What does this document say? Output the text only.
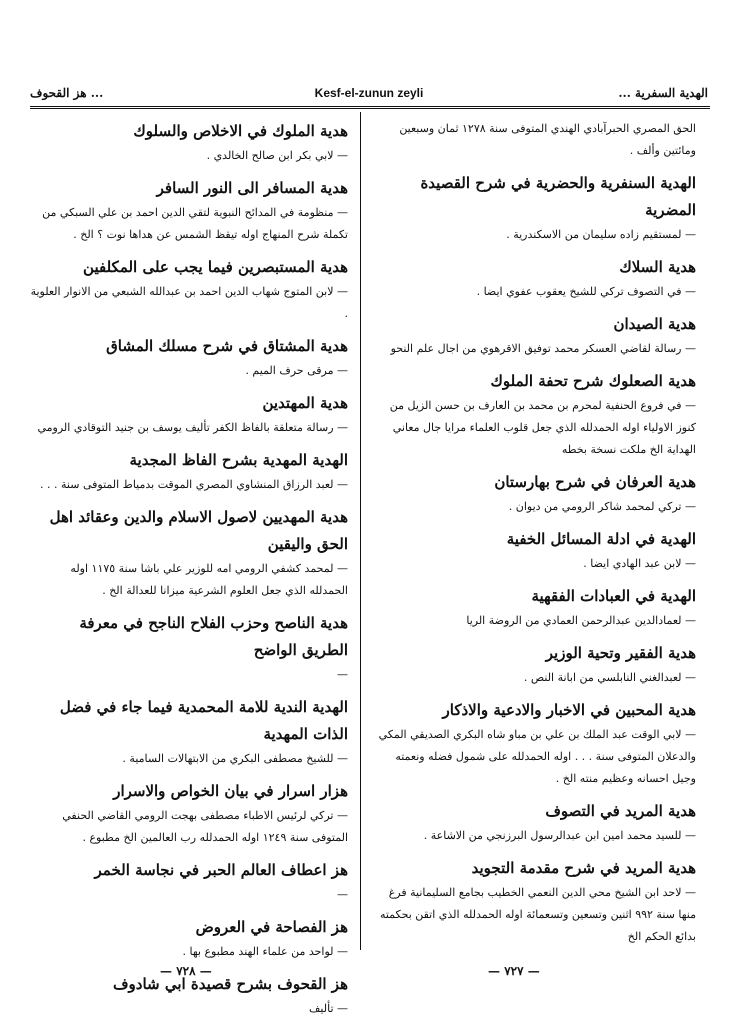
هز القحوف ...	Kesf-el-zunun zeyli	الهدية السفرية ...

الحق المصري الحبرآبادي الهندي المتوفى سنة ١٢٧٨ ثمان وسبعين ومائتين وألف .

الهدية السنفرية والحضرية في شرح القصيدة المضرية

— لمستقيم زاده سليمان من الاسكندرية .

هدية السلاك

— في التصوف تركي للشيخ يعقوب عفوي ايضا .

هدية الصيدان

— رسالة لقاضي العسكر محمد توفيق الاقرهوي من اجال علم النحو

هدية الصعلوك شرح تحفة الملوك

— في فروع الحنفية لمحرم بن محمد بن العارف بن حسن الزيل من كنوز الاولياء اوله الحمدلله الذي جعل قلوب العلماء مرايا جال معاني الهداية الخ ملكت نسخة بخطه

هدية العرفان في شرح بهارستان

— تركي لمحمد شاكر الرومي من ديوان .

الهدية في ادلة المسائل الخفية

— لابن عبد الهادي ايضا .

الهدية في العبادات الفقهية

— لعمادالدين عبدالرحمن العمادي من الروضة الريا

هدية الفقير وتحية الوزير

— لعبدالغني النابلسي من ابانة النص .

هدية المحبين في الاخبار والادعية والاذكار

— لابي الوقت عبد الملك بن علي بن مباو شاه البكري الصديقي المكي والدعلان المتوفى سنة . . . اوله الحمدلله على شمول فضله ونعمته وجيل احسانه وعظيم منته الخ .

هدية المريد في التصوف

— للسيد محمد امين ابن عبدالرسول البرزنجي من الاشاعة .

هدية المريد في شرح مقدمة التجويد

— لاحد ابن الشيخ محي الدين النعمي الخطيب بجامع السليمانية فرغ منها سنة ٩٩٢ اثنين وتسعين وتسعمائة اوله الحمدلله الذي اتقن بحكمته بدائع الحكم الخ

هدية الملوك في الاخلاص والسلوك

— لابي بكر ابن صالح الخالدي .

هدية المسافر الى النور السافر

— منظومة في المدائح النبوية لتقي الدين احمد بن علي السبكي من تكملة شرح المنهاج اوله تيقظ الشمس عن هداها نوت ؟ الخ .

هدية المستبصرين فيما يجب على المكلفين

— لابن المتوج شهاب الدين احمد بن عبدالله الشبعي من الانوار العلوية .

هدية المشتاق في شرح مسلك المشاق

— مرقى حرف الميم .

هدية المهتدين

— رسالة متعلقة بالفاظ الكفر تأليف يوسف بن جنيد التوقادي الرومي

الهدية المهدية بشرح الفاظ المجدية

— لعبد الرزاق المنشاوي المصري الموقت بدمياط المتوفى سنة . . .

هدية المهديين لاصول الاسلام والدين وعقائد اهل الحق واليقين

— لمحمد كشفي الرومي امه للوزير علي باشا سنة ١١٧٥ اوله الحمدلله الذي جعل العلوم الشرعية ميزانا للعدالة الخ .

هدية الناصح وحزب الفلاح الناجح في معرفة الطريق الواضح

—

الهدية الندية للامة المحمدية فيما جاء في فضل الذات المهدية

— للشيخ مصطفى البكري من الابتهالات السامية .

هزار اسرار في بيان الخواص والاسرار

— تركي لرئيس الاطباء مصطفى بهجت الرومي القاضي الحنفي المتوفى سنة ١٢٤٩ اوله الحمدلله رب العالمين الخ مطبوع .

هز اعطاف العالم الحبر في نجاسة الخمر

—

هز الفصاحة في العروض

— لواحد من علماء الهند مطبوع بها .

هز القحوف بشرح قصيدة ابي شادوف

— تأليف

— ٧٢٨ —	— ٧٢٧ —
